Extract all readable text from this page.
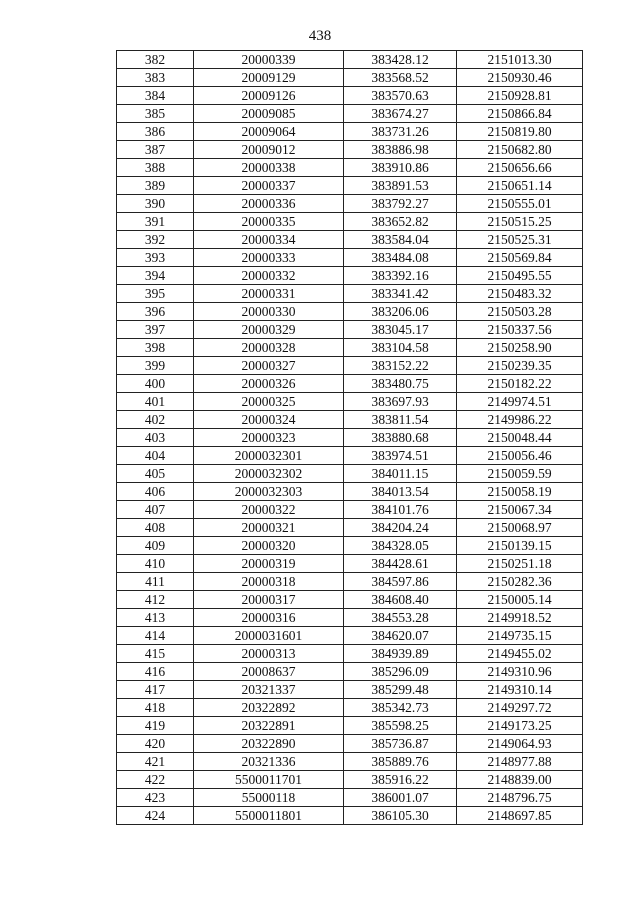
438
382	20000339	383428.12	2151013.30
383	20009129	383568.52	2150930.46
384	20009126	383570.63	2150928.81
385	20009085	383674.27	2150866.84
386	20009064	383731.26	2150819.80
387	20009012	383886.98	2150682.80
388	20000338	383910.86	2150656.66
389	20000337	383891.53	2150651.14
390	20000336	383792.27	2150555.01
391	20000335	383652.82	2150515.25
392	20000334	383584.04	2150525.31
393	20000333	383484.08	2150569.84
394	20000332	383392.16	2150495.55
395	20000331	383341.42	2150483.32
396	20000330	383206.06	2150503.28
397	20000329	383045.17	2150337.56
398	20000328	383104.58	2150258.90
399	20000327	383152.22	2150239.35
400	20000326	383480.75	2150182.22
401	20000325	383697.93	2149974.51
402	20000324	383811.54	2149986.22
403	20000323	383880.68	2150048.44
404	2000032301	383974.51	2150056.46
405	2000032302	384011.15	2150059.59
406	2000032303	384013.54	2150058.19
407	20000322	384101.76	2150067.34
408	20000321	384204.24	2150068.97
409	20000320	384328.05	2150139.15
410	20000319	384428.61	2150251.18
411	20000318	384597.86	2150282.36
412	20000317	384608.40	2150005.14
413	20000316	384553.28	2149918.52
414	2000031601	384620.07	2149735.15
415	20000313	384939.89	2149455.02
416	20008637	385296.09	2149310.96
417	20321337	385299.48	2149310.14
418	20322892	385342.73	2149297.72
419	20322891	385598.25	2149173.25
420	20322890	385736.87	2149064.93
421	20321336	385889.76	2148977.88
422	5500011701	385916.22	2148839.00
423	55000118	386001.07	2148796.75
424	5500011801	386105.30	2148697.85
